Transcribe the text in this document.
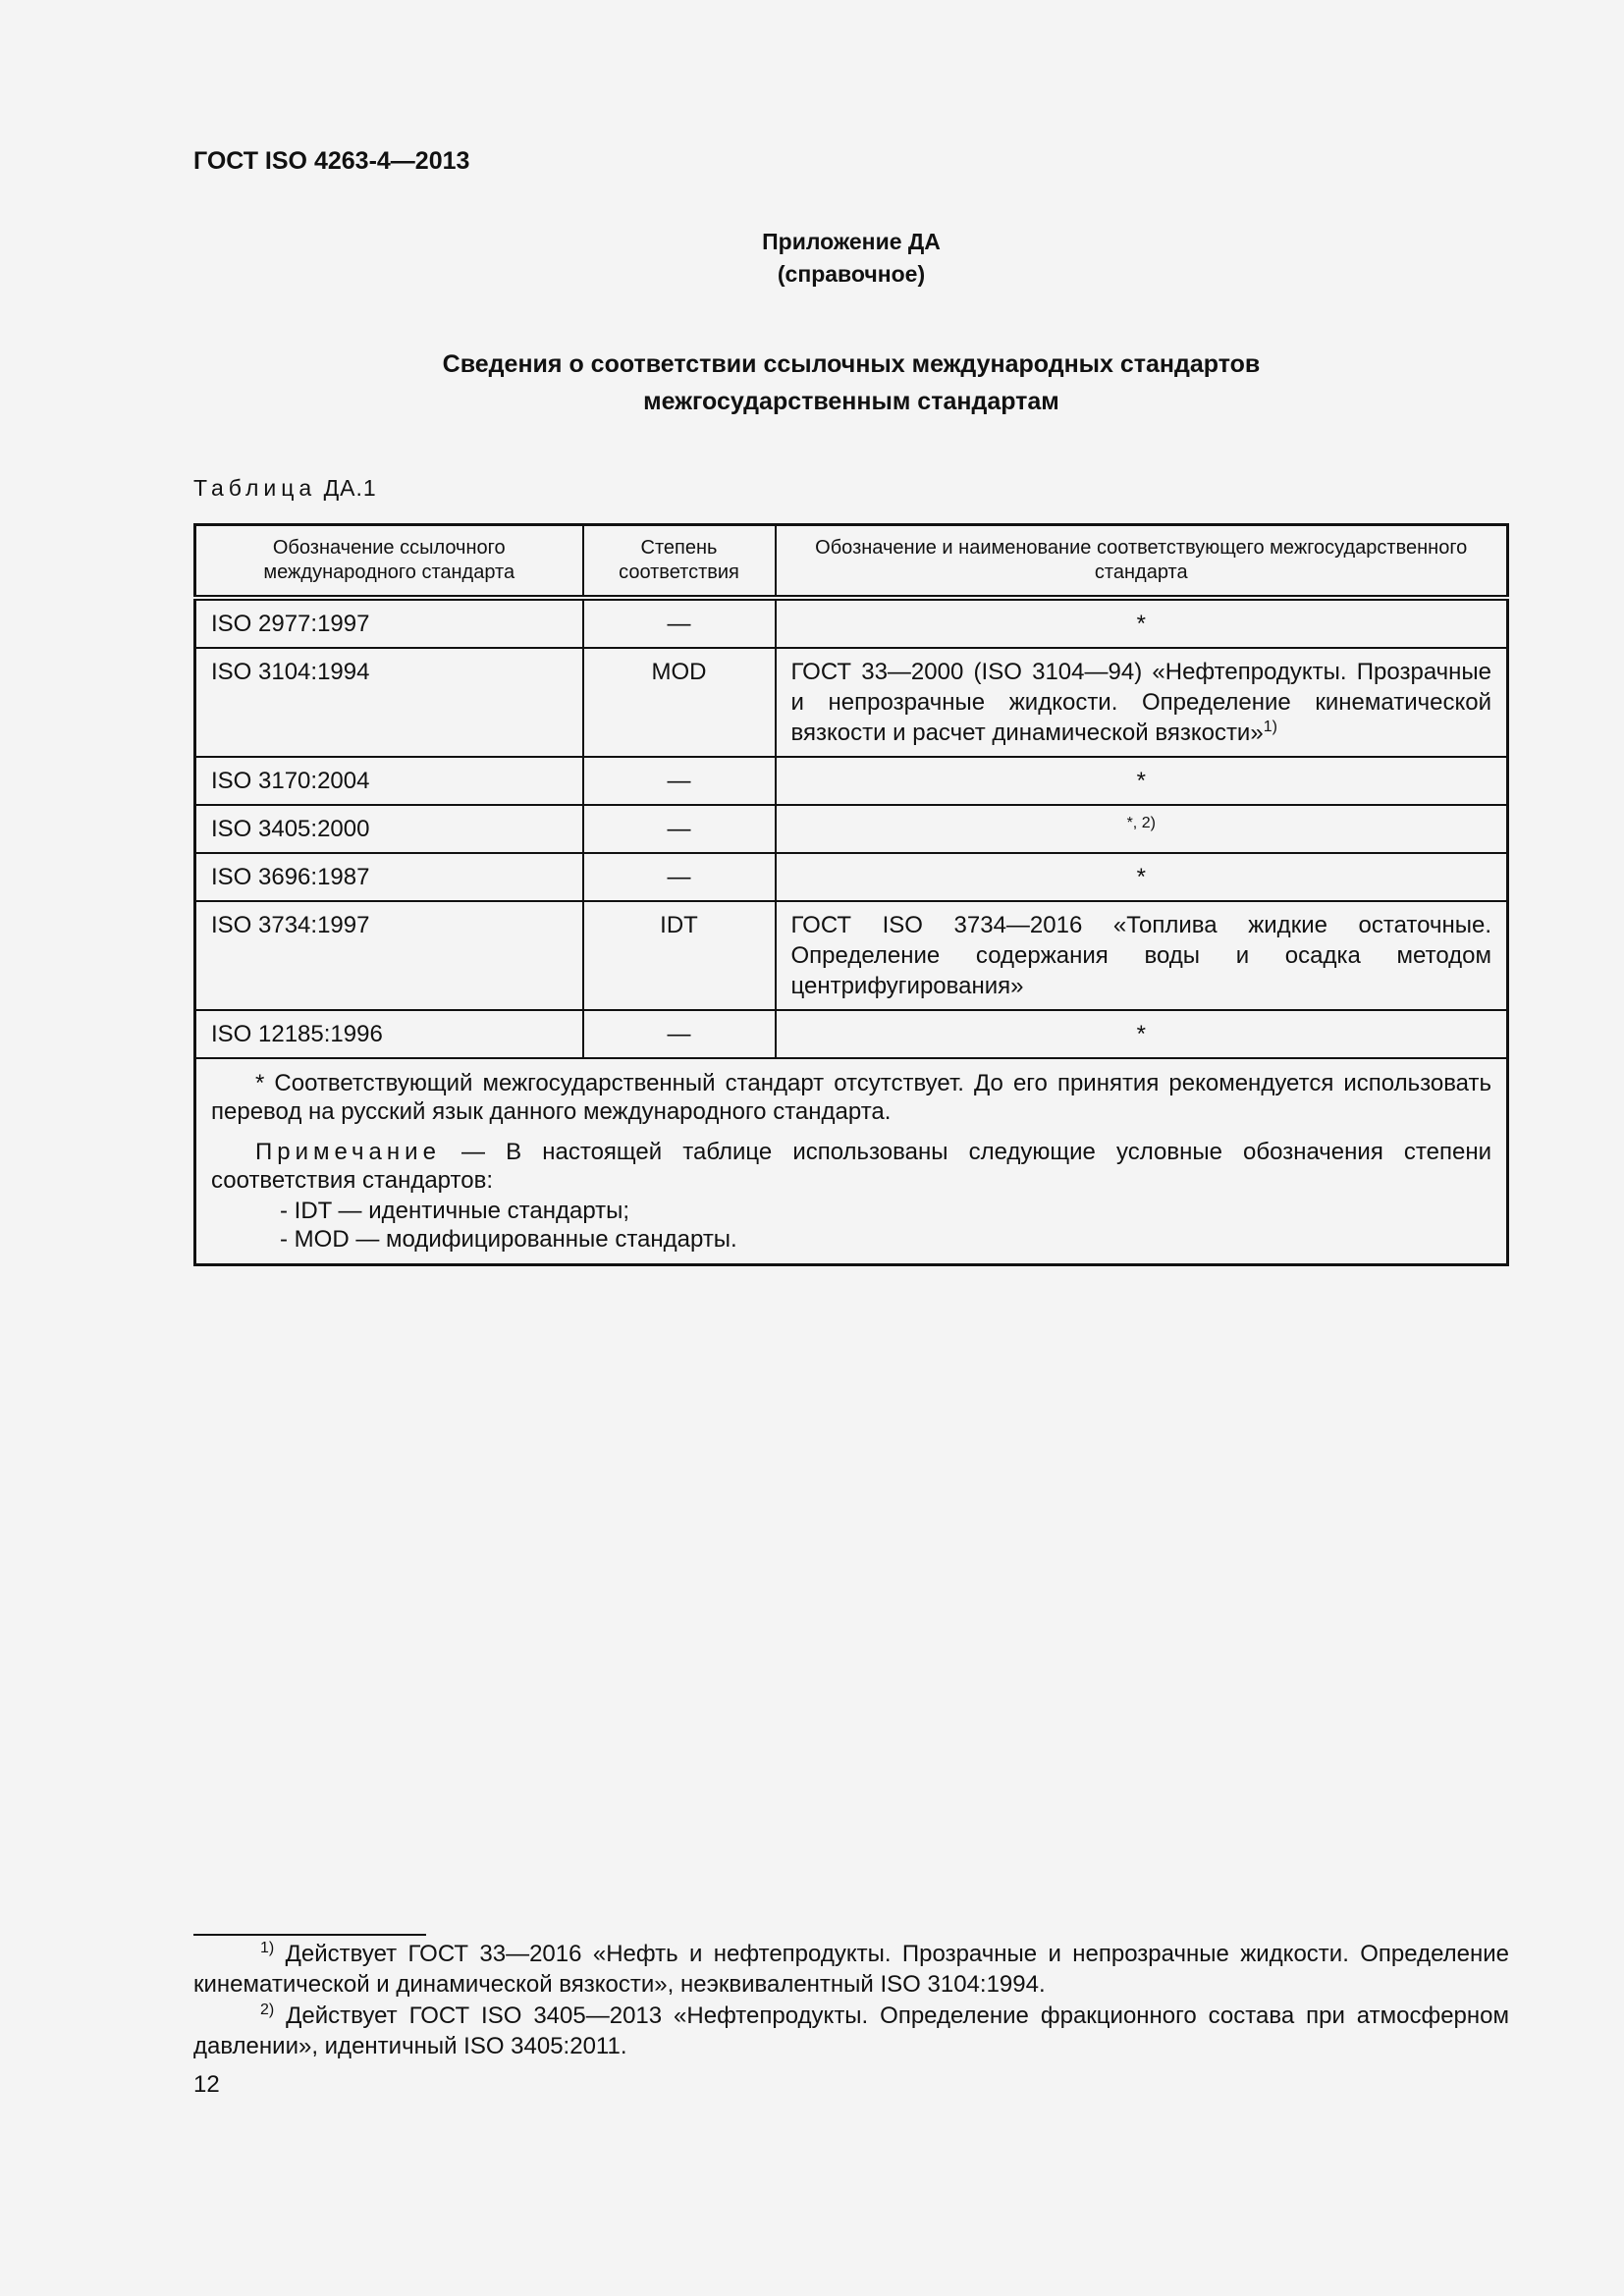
ГОСТ ISO 4263-4—2013
Приложение ДА
(справочное)
Сведения о соответствии ссылочных международных стандартов
межгосударственным стандартам
Таблица ДА.1
Обозначение ссылочного международного стандарта	Степень соответствия	Обозначение и наименование соответствующего межгосударственного стандарта
ISO 2977:1997	—	*
ISO 3104:1994	MOD	ГОСТ 33—2000 (ISO 3104—94) «Нефтепродукты. Прозрачные и непрозрачные жидкости. Определение кинематической вязкости и расчет динамической вязкости»$^{1)}$
ISO 3170:2004	—	*
ISO 3405:2000	—	$^{*, 2)}$
ISO 3696:1987	—	*
ISO 3734:1997	IDT	ГОСТ ISO 3734—2016 «Топлива жидкие остаточные. Определение содержания воды и осадка методом центрифугирования»
ISO 12185:1996	—	*

* Соответствующий межгосударственный стандарт отсутствует. До его принятия рекомендуется использовать перевод на русский язык данного международного стандарта.

Примечание — В настоящей таблице использованы следующие условные обозначения степени соответствия стандартов:

- IDT — идентичные стандарты;

- MOD — модифицированные стандарты.		

$^{1)}$ Действует ГОСТ 33—2016 «Нефть и нефтепродукты. Прозрачные и непрозрачные жидкости. Определение кинематической и динамической вязкости», неэквивалентный ISO 3104:1994.
$^{2)}$ Действует ГОСТ ISO 3405—2013 «Нефтепродукты. Определение фракционного состава при атмосферном давлении», идентичный ISO 3405:2011.
12
